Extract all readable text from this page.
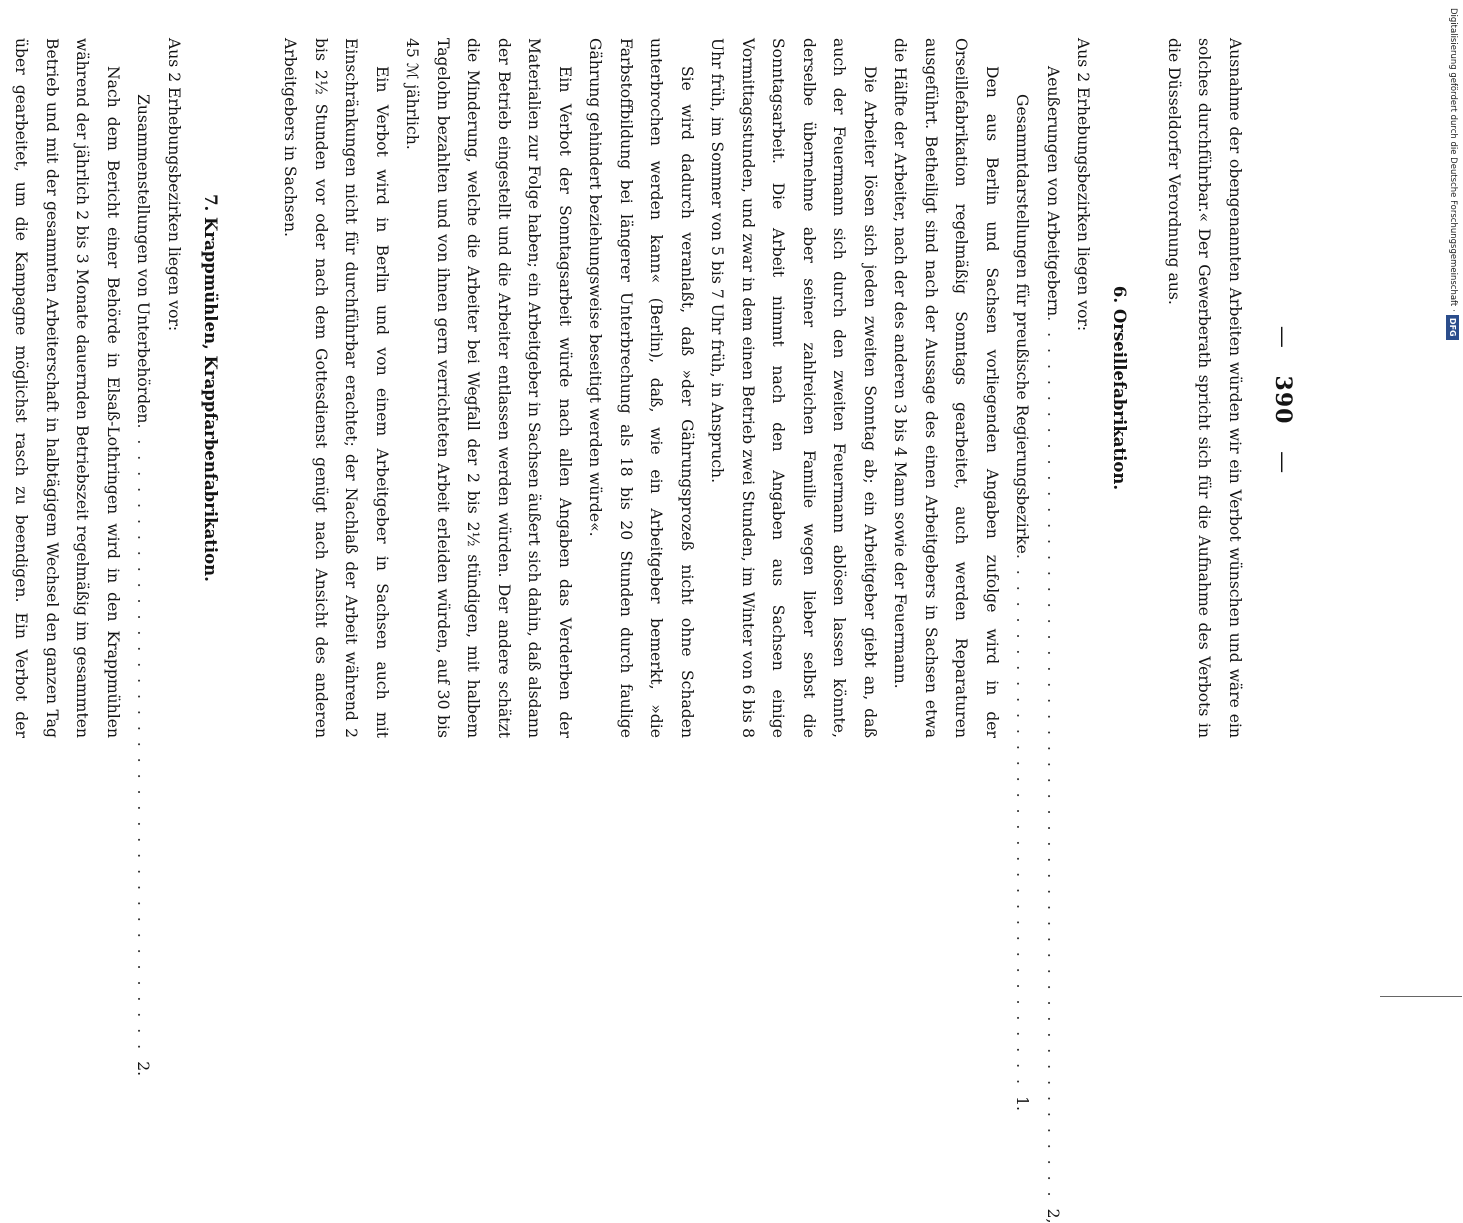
— 390 —

Ausnahme der obengenannten Arbeiten würden wir ein Verbot wünschen und wäre ein solches durchführbar.« Der Gewerberath spricht sich für die Aufnahme des Verbots in die Düsseldorfer Verordnung aus.

6. Orseillefabrikation.

Aus 2 Erhebungsbezirken liegen vor:

Aeußerungen von Arbeitgebern
. . . . . . . . . . . . . . . . . . . . . . . . . . . . . . . . . . . . . . . . . . . . . . . . . . . . . . . .
2,
Gesammtdarstellungen für preußische Regierungsbezirke
. . . . . . . . . . . . . . . . . . . . . . . . . . . . . . . . . .
1.

Den aus Berlin und Sachsen vorliegenden Angaben zufolge wird in der Orseillefabrikation regelmäßig Sonntags gearbeitet, auch werden Reparaturen ausgeführt. Betheiligt sind nach der Aussage des einen Arbeitgebers in Sachsen etwa die Hälfte der Arbeiter, nach der des anderen 3 bis 4 Mann sowie der Feuermann.

Die Arbeiter lösen sich jeden zweiten Sonntag ab; ein Arbeitgeber giebt an, daß auch der Feuermann sich durch den zweiten Feuermann ablösen lassen könnte, derselbe übernehme aber seiner zahlreichen Familie wegen lieber selbst die Sonntagsarbeit. Die Arbeit nimmt nach den Angaben aus Sachsen einige Vormittagsstunden, und zwar in dem einen Betrieb zwei Stunden, im Winter von 6 bis 8 Uhr früh, im Sommer von 5 bis 7 Uhr früh, in Anspruch.

Sie wird dadurch veranlaßt, daß »der Gährungsprozeß nicht ohne Schaden unterbrochen werden kann« (Berlin), daß, wie ein Arbeitgeber bemerkt, »die Farbstoffbildung bei längerer Unterbrechung als 18 bis 20 Stunden durch faulige Gährung gehindert beziehungsweise beseitigt werden würde«.

Ein Verbot der Sonntagsarbeit würde nach allen Angaben das Verderben der Materialien zur Folge haben; ein Arbeitgeber in Sachsen äußert sich dahin, daß alsdann der Betrieb eingestellt und die Arbeiter entlassen werden würden. Der andere schätzt die Minderung, welche die Arbeiter bei Wegfall der 2 bis 2½ stündigen, mit halbem Tagelohn bezahlten und von ihnen gern verrichteten Arbeit erleiden würden, auf 30 bis 45 ℳ jährlich.

Ein Verbot wird in Berlin und von einem Arbeitgeber in Sachsen auch mit Einschränkungen nicht für durchführbar erachtet; der Nachlaß der Arbeit während 2 bis 2½ Stunden vor oder nach dem Gottesdienst genügt nach Ansicht des anderen Arbeitgebers in Sachsen.

7. Krappmühlen, Krappfarbenfabrikation.

Aus 2 Erhebungsbezirken liegen vor:

Zusammenstellungen von Unterbehörden
. . . . . . . . . . . . . . . . . . . . . . . . . . . . . . . . . . . . . . . .
2.

Nach dem Bericht einer Behörde in Elsaß-Lothringen wird in den Krappmühlen während der jährlich 2 bis 3 Monate dauernden Betriebszeit regelmäßig im gesammten Betrieb und mit der gesammten Arbeiterschaft in halbtägigem Wechsel den ganzen Tag über gearbeitet, um die Kampagne möglichst rasch zu beendigen. Ein Verbot der

Digitalisierung gefördert durch die Deutsche Forschungsgemeinschaft
·
DFG
